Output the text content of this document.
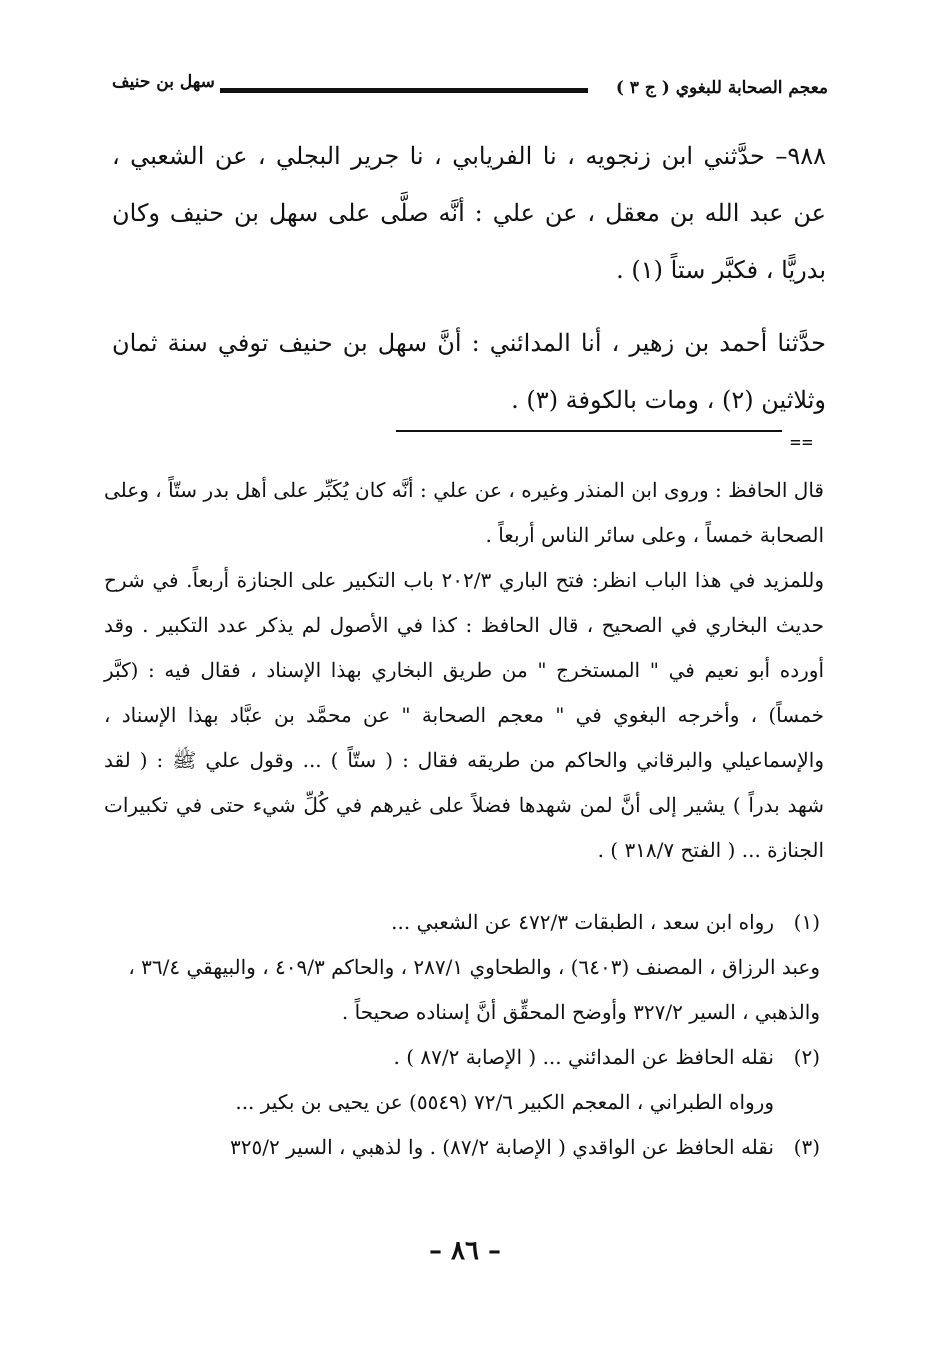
معجم الصحابة للبغوي ( ج ٣ )
سهل بن حنيف

٩٨٨– حدَّثني ابن زنجويه ، نا الفريابي ، نا جرير البجلي ، عن الشعبي ، عن عبد الله بن معقل ، عن علي : أنَّه صلَّى على سهل بن حنيف وكان بدريًّا ، فكبَّر ستاً (١) .

حدَّثنا أحمد بن زهير ، أنا المدائني : أنَّ سهل بن حنيف توفي سنة ثمان وثلاثين (٢) ، ومات بالكوفة (٣) .

==

قال الحافظ : وروى ابن المنذر وغيره ، عن علي : أنَّه كان يُكَبِّر على أهل بدر ستّاً ، وعلى الصحابة خمساً ، وعلى سائر الناس أربعاً .

وللمزيد في هذا الباب انظر: فتح الباري ٢٠٢/٣ باب التكبير على الجنازة أربعاً. في شرح حديث البخاري في الصحيح ، قال الحافظ : كذا في الأصول لم يذكر عدد التكبير . وقد أورده أبو نعيم في " المستخرج " من طريق البخاري بهذا الإسناد ، فقال فيه : (كبَّر خمساً) ، وأخرجه البغوي في " معجم الصحابة " عن محمَّد بن عبَّاد بهذا الإسناد ، والإسماعيلي والبرقاني والحاكم من طريقه فقال : ( ستّاً ) ... وقول علي ﷺ : ( لقد شهد بدراً ) يشير إلى أنَّ لمن شهدها فضلاً على غيرهم في كُلِّ شيء حتى في تكبيرات الجنازة ... ( الفتح ٣١٨/٧ ) .

(١)
رواه ابن سعد ، الطبقات ٤٧٢/٣ عن الشعبي ...
وعبد الرزاق ، المصنف (٦٤٠٣) ، والطحاوي ٢٨٧/١ ، والحاكم ٤٠٩/٣ ، والبيهقي ٣٦/٤ ، والذهبي ، السير ٣٢٧/٢ وأوضح المحقِّق أنَّ إسناده صحيحاً .
(٢)
نقله الحافظ عن المدائني ... ( الإصابة ٨٧/٢ ) .
ورواه الطبراني ، المعجم الكبير ٧٢/٦ (٥٥٤٩) عن يحيى بن بكير ...
(٣)
نقله الحافظ عن الواقدي ( الإصابة ٨٧/٢) . وا لذهبي ، السير ٣٢٥/٢
– ٨٦ –
